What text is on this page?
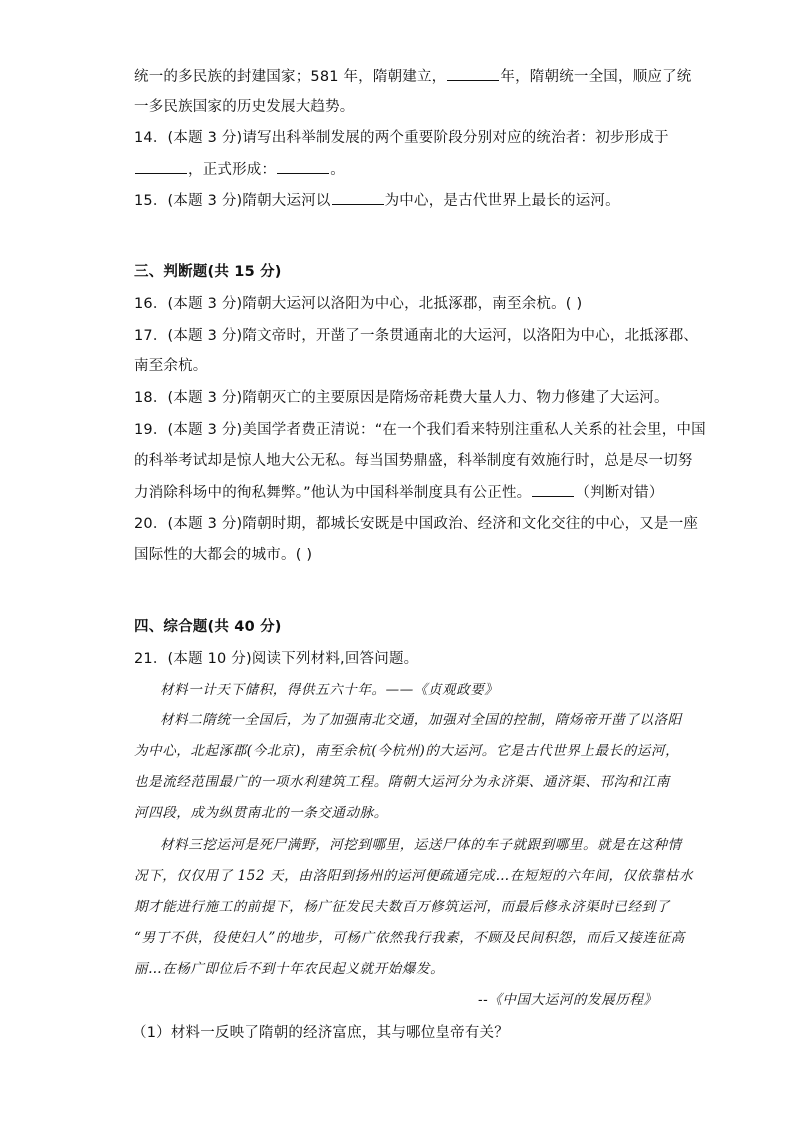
统一的多民族的封建国家；581 年，隋朝建立，	年，隋朝统一全国，顺应了统
一多民族国家的历史发展大趋势。
14．(本题 3 分)请写出科举制发展的两个重要阶段分别对应的统治者：初步形成于
，正式形成：	。
15．(本题 3 分)隋朝大运河以	为中心，是古代世界上最长的运河。
三、判断题(共 15 分)
16．(本题 3 分)隋朝大运河以洛阳为中心，北抵涿郡，南至余杭。( )
17．(本题 3 分)隋文帝时，开凿了一条贯通南北的大运河，以洛阳为中心，北抵涿郡、
南至余杭。
18．(本题 3 分)隋朝灭亡的主要原因是隋炀帝耗费大量人力、物力修建了大运河。
19．(本题 3 分)美国学者费正清说：“在一个我们看来特别注重私人关系的社会里，中国
的科举考试却是惊人地大公无私。每当国势鼎盛，科举制度有效施行时，总是尽一切努
力消除科场中的徇私舞弊。”他认为中国科举制度具有公正性。	（判断对错）
20．(本题 3 分)隋朝时期，都城长安既是中国政治、经济和文化交往的中心，又是一座
国际性的大都会的城市。( )
四、综合题(共 40 分)
21．(本题 10 分)阅读下列材料,回答问题。
材料一计天下储积，得供五六十年。——《贞观政要》
材料二隋统一全国后，为了加强南北交通，加强对全国的控制，隋炀帝开凿了以洛阳
为中心，北起涿郡(今北京)，南至余杭(今杭州)的大运河。它是古代世界上最长的运河，
也是流经范围最广的一项水利建筑工程。隋朝大运河分为永济渠、通济渠、邗沟和江南
河四段，成为纵贯南北的一条交通动脉。
材料三挖运河是死尸满野，河挖到哪里，运送尸体的车子就跟到哪里。就是在这种情
况下，仅仅用了 152 天，由洛阳到扬州的运河便疏通完成…在短短的六年间，仅依靠枯水
期才能进行施工的前提下，杨广征发民夫数百万修筑运河，而最后修永济渠时已经到了
“男丁不供，役使妇人”的地步，可杨广依然我行我素，不顾及民间积怨，而后又接连征高
丽…在杨广即位后不到十年农民起义就开始爆发。
--《中国大运河的发展历程》
（1）材料一反映了隋朝的经济富庶，其与哪位皇帝有关？
